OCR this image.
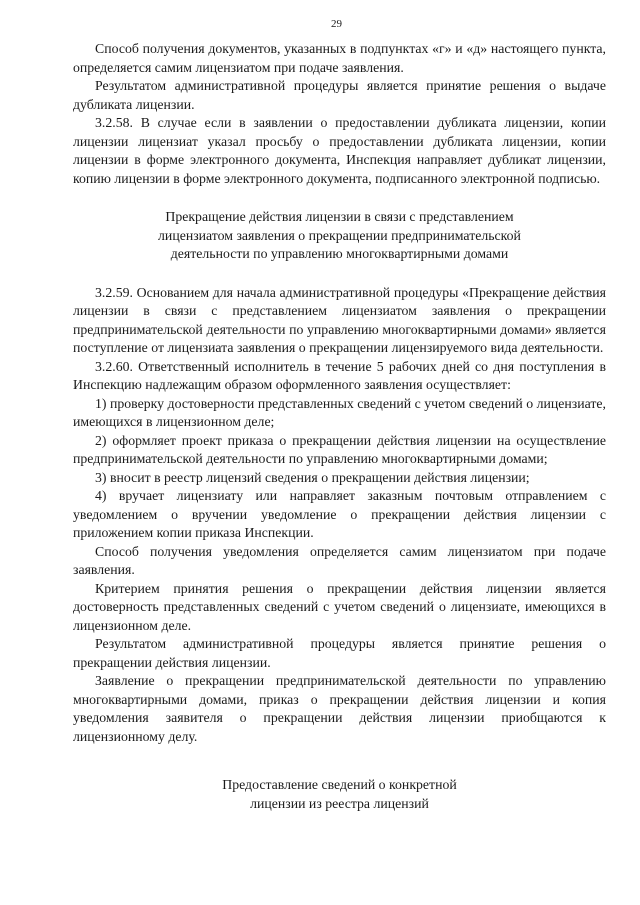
29

Способ получения документов, указанных в подпунктах «г» и «д» настоящего пункта, определяется самим лицензиатом при подаче заявления.

Результатом административной процедуры является принятие решения о выдаче дубликата лицензии.

3.2.58. В случае если в заявлении о предоставлении дубликата лицензии, копии лицензии лицензиат указал просьбу о предоставлении дубликата лицензии, копии лицензии в форме электронного документа, Инспекция направляет дубликат лицензии, копию лицензии в форме электронного документа, подписанного электронной подписью.

Прекращение действия лицензии в связи с представлением

лицензиатом заявления о прекращении предпринимательской

деятельности по управлению многоквартирными домами

3.2.59. Основанием для начала административной процедуры «Прекращение действия лицензии в связи с представлением лицензиатом заявления о прекращении предпринимательской деятельности по управлению многоквартирными домами» является поступление от лицензиата заявления о прекращении лицензируемого вида деятельности.

3.2.60. Ответственный исполнитель в течение 5 рабочих дней со дня поступления в Инспекцию надлежащим образом оформленного заявления осуществляет:

1) проверку достоверности представленных сведений с учетом сведений о лицензиате, имеющихся в лицензионном деле;

2) оформляет проект приказа о прекращении действия лицензии на осуществление предпринимательской деятельности по управлению многоквартирными домами;

3) вносит в реестр лицензий сведения о прекращении действия лицензии;

4) вручает лицензиату или направляет заказным почтовым отправлением с уведомлением о вручении уведомление о прекращении действия лицензии с приложением копии приказа Инспекции.

Способ получения уведомления определяется самим лицензиатом при подаче заявления.

Критерием принятия решения о прекращении действия лицензии является достоверность представленных сведений с учетом сведений о лицензиате, имеющихся в лицензионном деле.

Результатом административной процедуры является принятие решения о прекращении действия лицензии.

Заявление о прекращении предпринимательской деятельности по управлению многоквартирными домами, приказ о прекращении действия лицензии и копия уведомления заявителя о прекращении действия лицензии приобщаются к лицензионному делу.

Предоставление сведений о конкретной

лицензии из реестра лицензий
